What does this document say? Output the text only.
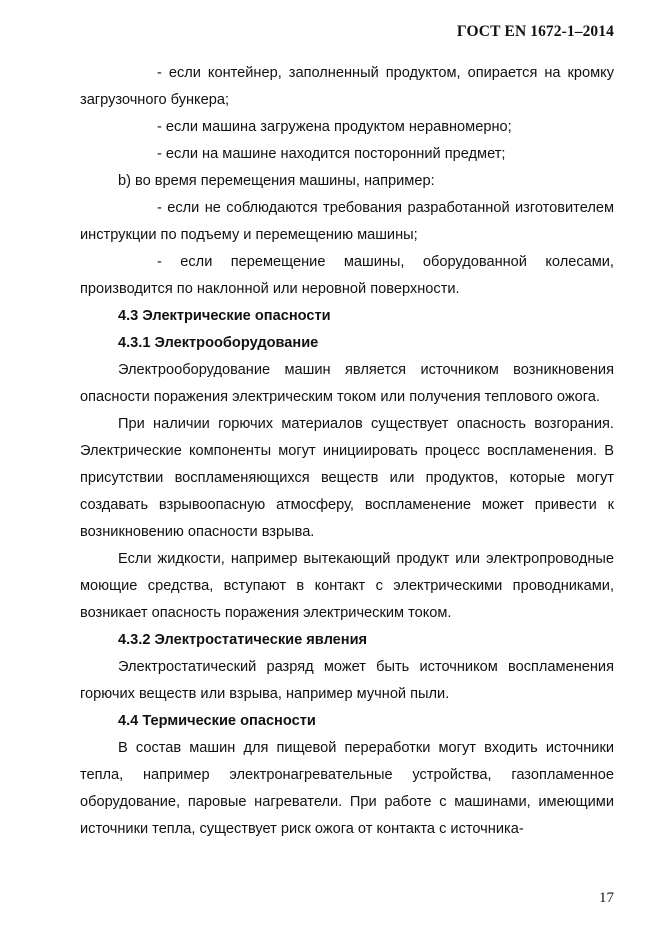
ГОСТ EN 1672-1–2014

- если контейнер, заполненный продуктом, опирается на кромку загрузочного бункера;

- если машина загружена продуктом неравномерно;

- если на машине находится посторонний предмет;

b) во время перемещения машины, например:

- если не соблюдаются требования разработанной изготовителем инструкции по подъему и перемещению машины;

- если перемещение машины, оборудованной колесами, производится по наклонной или неровной поверхности.

4.3 Электрические опасности

4.3.1 Электрооборудование

Электрооборудование машин является источником возникновения опасности поражения электрическим током или получения теплового ожога.

При наличии горючих материалов существует опасность возгорания. Электрические компоненты могут инициировать процесс воспламенения. В присутствии воспламеняющихся веществ или продуктов, которые могут создавать взрывоопасную атмосферу, воспламенение может привести к возникновению опасности взрыва.

Если жидкости, например вытекающий продукт или электропроводные моющие средства, вступают в контакт с электрическими проводниками, возникает опасность поражения электрическим током.

4.3.2 Электростатические явления

Электростатический разряд может быть источником воспламенения горючих веществ или взрыва, например мучной пыли.

4.4 Термические опасности

В состав машин для пищевой переработки могут входить источники тепла, например электронагревательные устройства, газопламенное оборудование, паровые нагреватели. При работе с машинами, имеющими источники тепла, существует риск ожога от контакта с источника-

17
